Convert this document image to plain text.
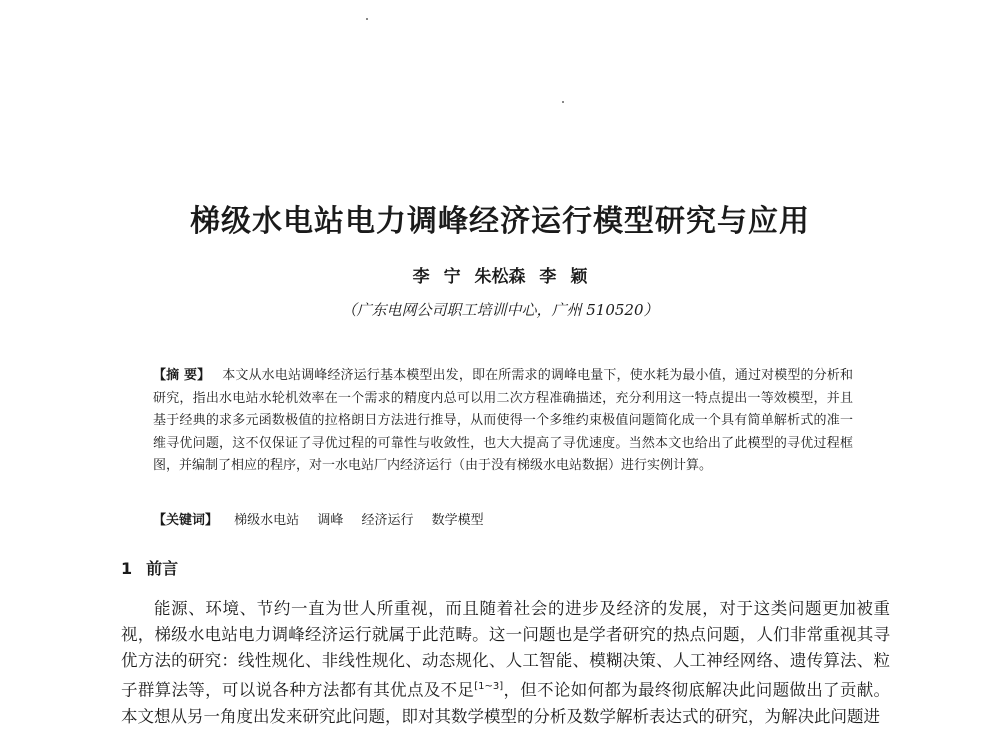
梯级水电站电力调峰经济运行模型研究与应用
李 宁 朱松森 李 颖
（广东电网公司职工培训中心，广州 510520）
【摘 要】 本文从水电站调峰经济运行基本模型出发，即在所需求的调峰电量下，使水耗为最小值，通过对模型的分析和研究，指出水电站水轮机效率在一个需求的精度内总可以用二次方程准确描述，充分利用这一特点提出一等效模型，并且基于经典的求多元函数极值的拉格朗日方法进行推导，从而使得一个多维约束极值问题简化成一个具有简单解析式的准一维寻优问题，这不仅保证了寻优过程的可靠性与收敛性，也大大提高了寻优速度。当然本文也给出了此模型的寻优过程框图，并编制了相应的程序，对一水电站厂内经济运行（由于没有梯级水电站数据）进行实例计算。
【关键词】 梯级水电站 调峰 经济运行 数学模型
1 前言
能源、环境、节约一直为世人所重视，而且随着社会的进步及经济的发展，对于这类问题更加被重视，梯级水电站电力调峰经济运行就属于此范畴。这一问题也是学者研究的热点问题，人们非常重视其寻优方法的研究：线性规化、非线性规化、动态规化、人工智能、模糊决策、人工神经网络、遗传算法、粒子群算法等，可以说各种方法都有其优点及不足[1~3]，但不论如何都为最终彻底解决此问题做出了贡献。本文想从另一角度出发来研究此问题，即对其数学模型的分析及数学解析表达式的研究，为解决此问题进
